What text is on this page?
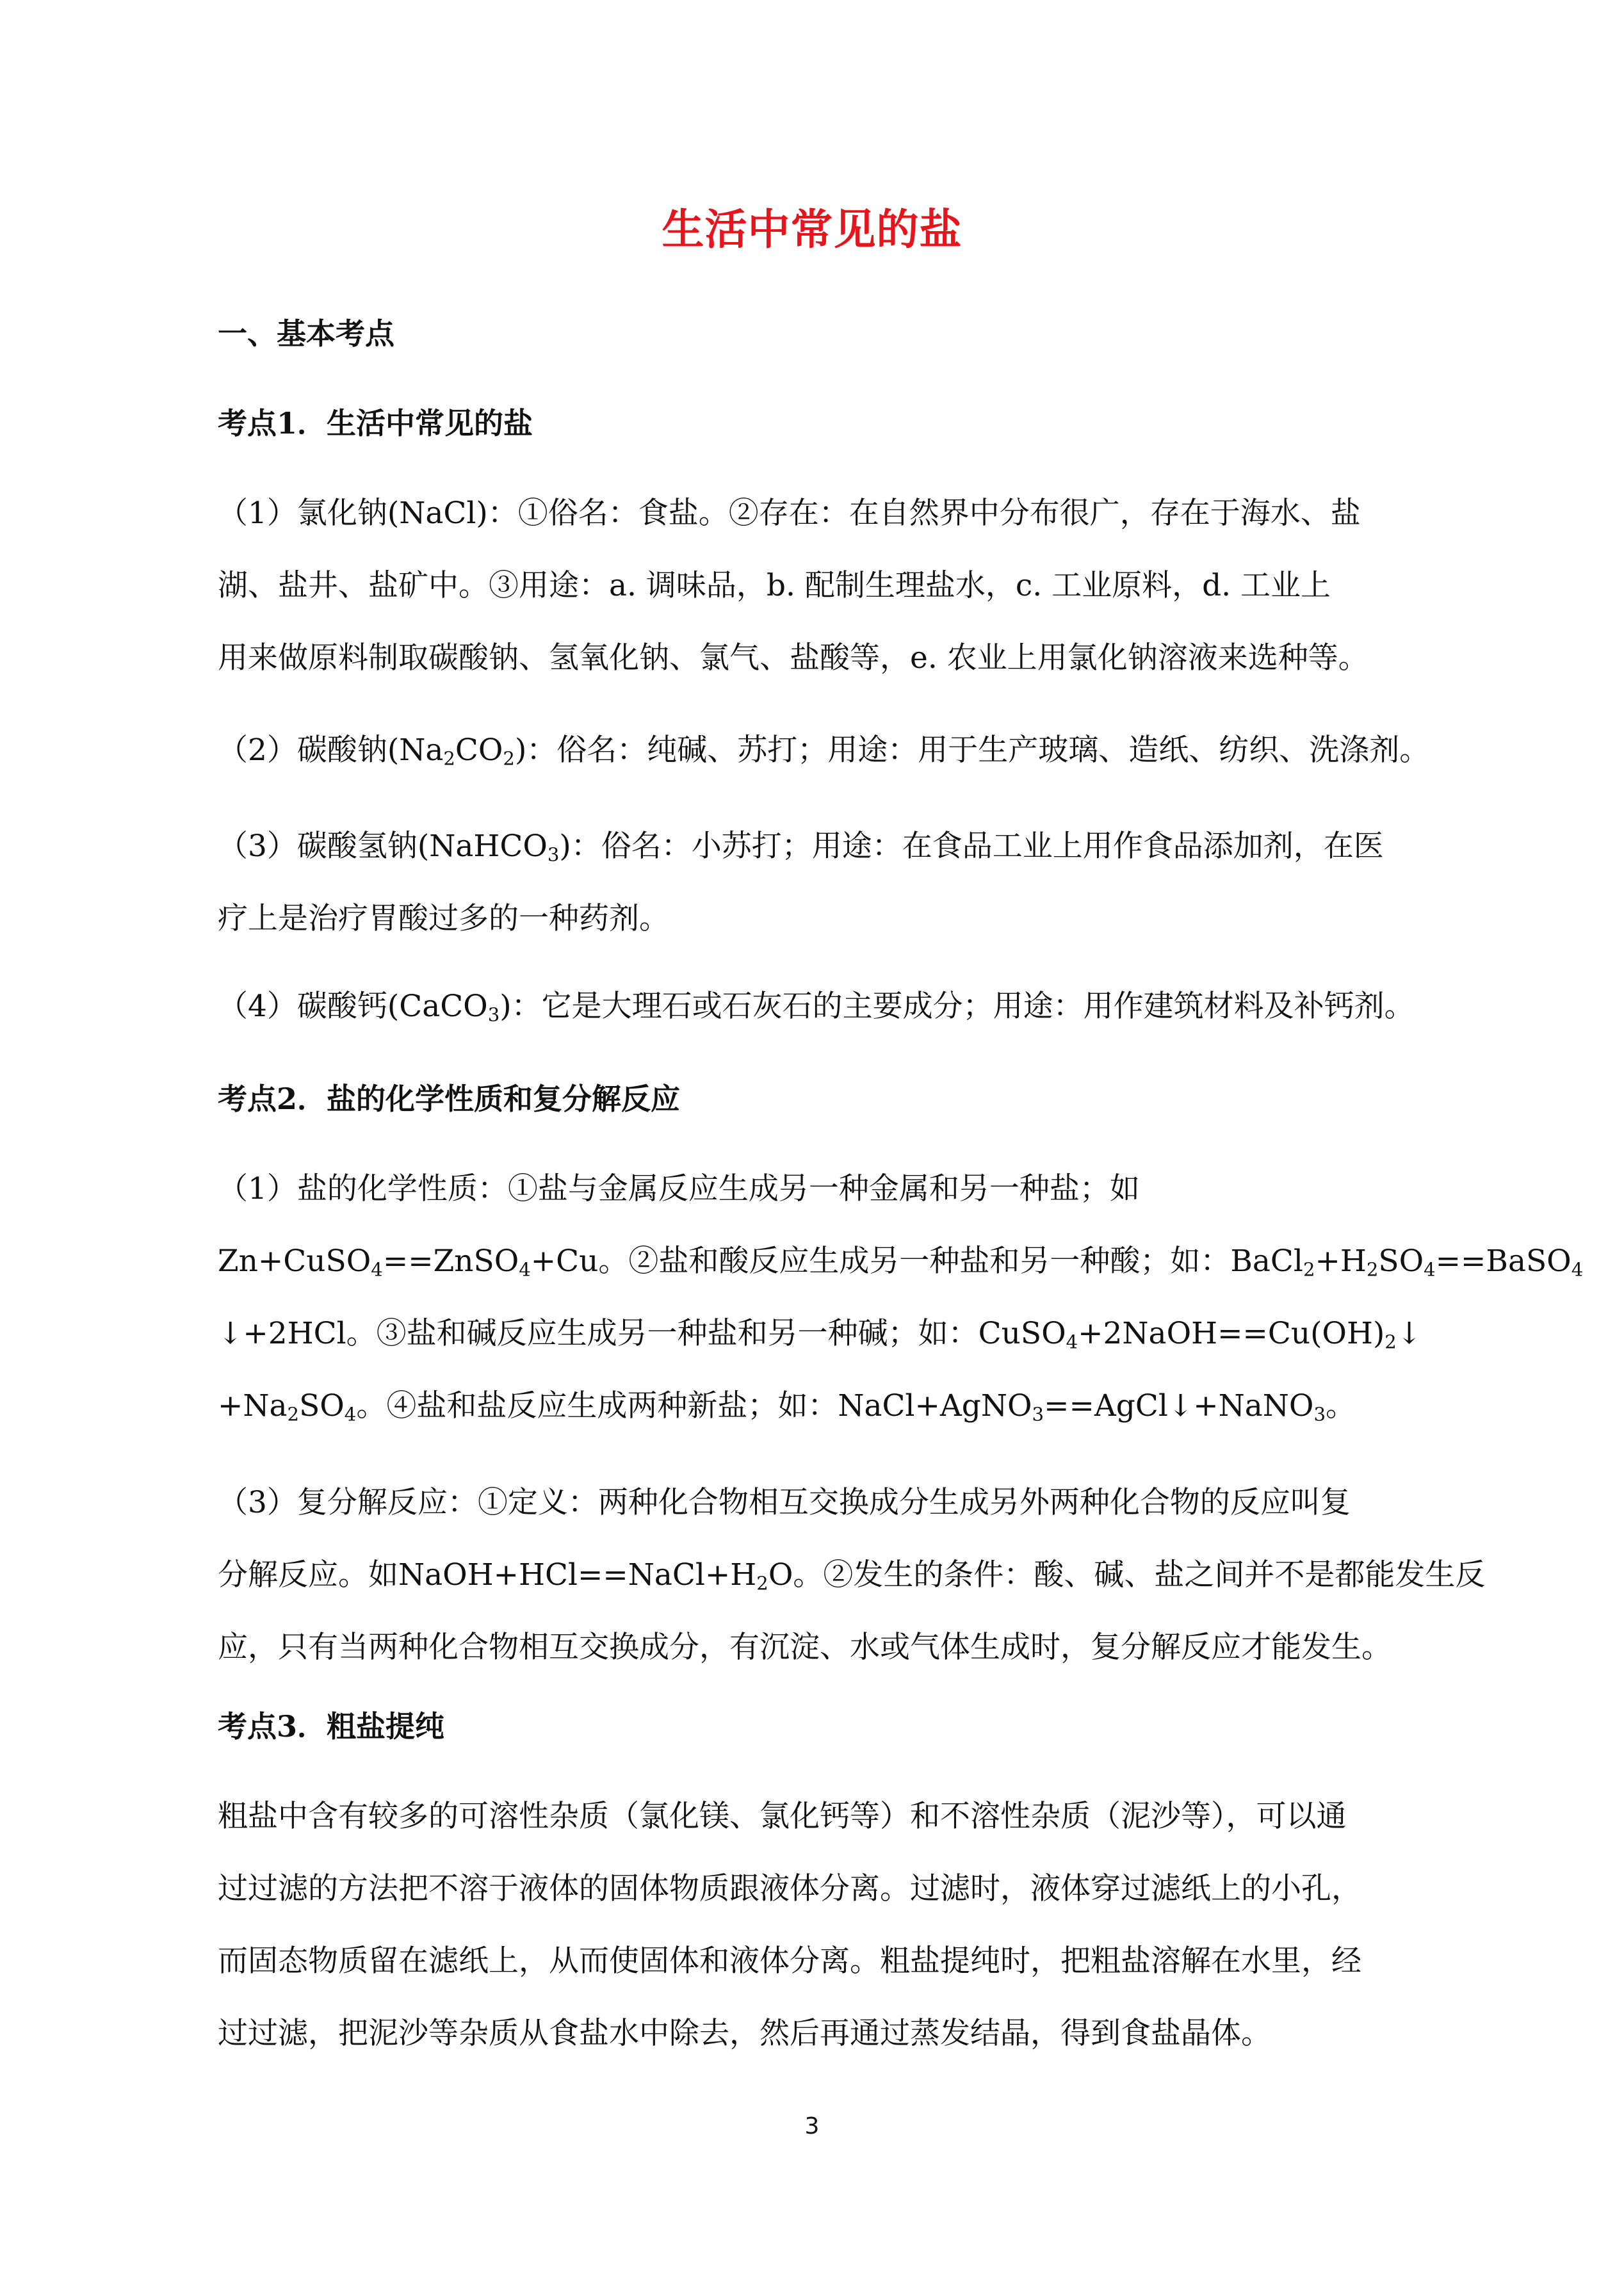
生活中常见的盐
一、基本考点
考点1．生活中常见的盐
（1）氯化钠(NaCl)：①俗名：食盐。②存在：在自然界中分布很广，存在于海水、盐
湖、盐井、盐矿中。③用途：a. 调味品，b. 配制生理盐水，c. 工业原料，d. 工业上
用来做原料制取碳酸钠、氢氧化钠、氯气、盐酸等，e. 农业上用氯化钠溶液来选种等。
（2）碳酸钠$(Na_2CO_2)$：俗名：纯碱、苏打；用途：用于生产玻璃、造纸、纺织、洗涤剂。
（3）碳酸氢钠(NaHCO$_3$)：俗名：小苏打；用途：在食品工业上用作食品添加剂，在医
疗上是治疗胃酸过多的一种药剂。
（4）碳酸钙(CaCO$_3$)：它是大理石或石灰石的主要成分；用途：用作建筑材料及补钙剂。
考点2．盐的化学性质和复分解反应
（1）盐的化学性质：①盐与金属反应生成另一种金属和另一种盐；如
Zn+CuSO$_4$==ZnSO$_4$+Cu。②盐和酸反应生成另一种盐和另一种酸；如：$BaCl_2+H_2SO_4==BaSO_4$
↓+2HCl。③盐和碱反应生成另一种盐和另一种碱；如：$CuSO_4+2NaOH==Cu(OH)_2↓$
$+Na_2SO_4$。④盐和盐反应生成两种新盐；如：NaCl+AgNO$_3$==AgCl↓+NaNO$_3$。
（3）复分解反应：①定义：两种化合物相互交换成分生成另外两种化合物的反应叫复
分解反应。如$NaOH+HCl==NaCl+H_2O$。②发生的条件：酸、碱、盐之间并不是都能发生反
应，只有当两种化合物相互交换成分，有沉淀、水或气体生成时，复分解反应才能发生。
考点3．粗盐提纯
粗盐中含有较多的可溶性杂质（氯化镁、氯化钙等）和不溶性杂质（泥沙等），可以通
过过滤的方法把不溶于液体的固体物质跟液体分离。过滤时，液体穿过滤纸上的小孔，
而固态物质留在滤纸上，从而使固体和液体分离。粗盐提纯时，把粗盐溶解在水里，经
过过滤，把泥沙等杂质从食盐水中除去，然后再通过蒸发结晶，得到食盐晶体。
3
